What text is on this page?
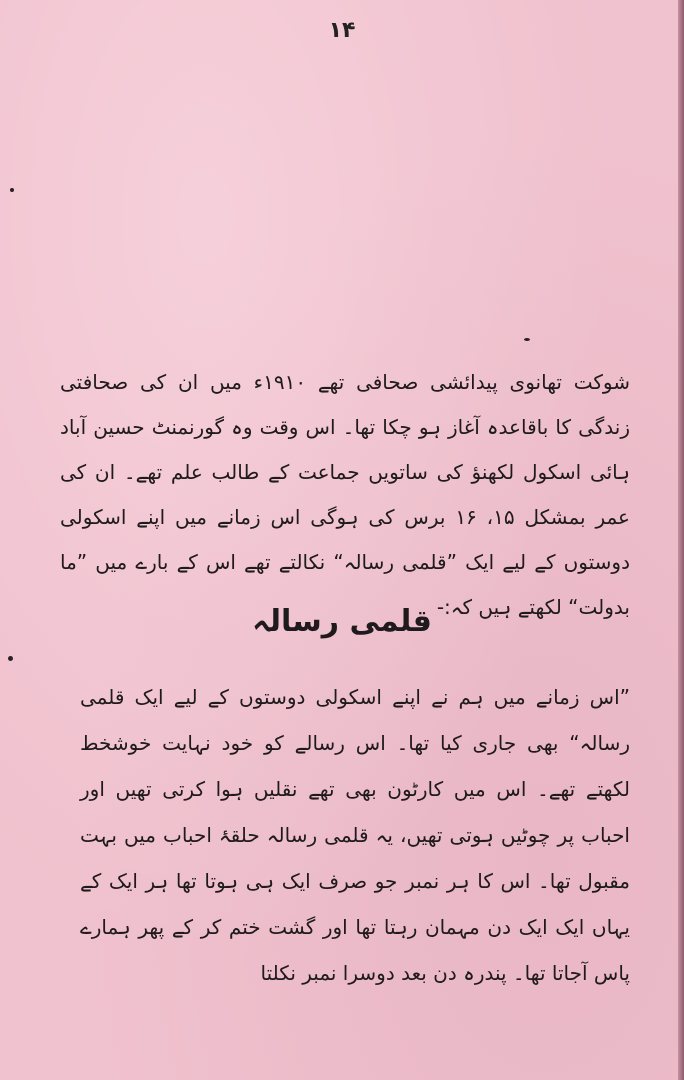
۱۴
شوکت تھانوی پیدائشی صحافی تھے ۱۹۱۰ء میں ان کی صحافتی زندگی کا باقاعدہ آغاز ہو چکا تھا۔ اس وقت وہ گورنمنٹ حسین آباد ہائی اسکول لکھنؤ کی ساتویں جماعت کے طالب علم تھے۔ ان کی عمر بمشکل ۱۵، ۱۶ برس کی ہوگی اس زمانے میں اپنے اسکولی دوستوں کے لیے ایک ”قلمی رسالہ“ نکالتے تھے اس کے بارے میں ”ما بدولت“ لکھتے ہیں کہ:-
قلمی رسالہ
”اس زمانے میں ہم نے اپنے اسکولی دوستوں کے لیے ایک قلمی رسالہ“ بھی جاری کیا تھا۔ اس رسالے کو خود نہایت خوشخط لکھتے تھے۔ اس میں کارٹون بھی تھے نقلیں ہوا کرتی تھیں اور احباب پر چوٹیں ہوتی تھیں، یہ قلمی رسالہ حلقۂ احباب میں بہت مقبول تھا۔ اس کا ہر نمبر جو صرف ایک ہی ہوتا تھا ہر ایک کے یہاں ایک ایک دن مہمان رہتا تھا اور گشت ختم کر کے پھر ہمارے پاس آجاتا تھا۔ پندرہ دن بعد دوسرا نمبر نکلتا
